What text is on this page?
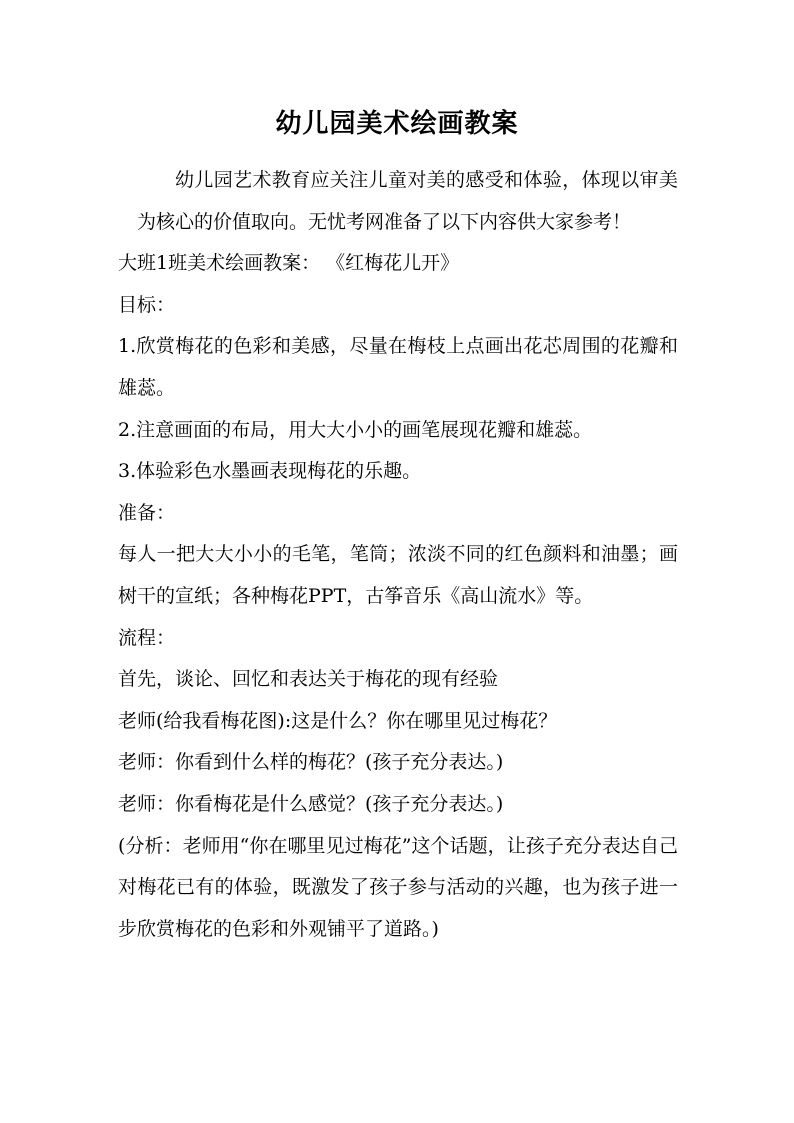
幼儿园美术绘画教案

幼儿园艺术教育应关注儿童对美的感受和体验，体现以审美为核心的价值取向。无忧考网准备了以下内容供大家参考！

大班1班美术绘画教案： 《红梅花儿开》

目标：

1.欣赏梅花的色彩和美感，尽量在梅枝上点画出花芯周围的花瓣和雄蕊。

2.注意画面的布局，用大大小小的画笔展现花瓣和雄蕊。

3.体验彩色水墨画表现梅花的乐趣。

准备：

每人一把大大小小的毛笔，笔筒；浓淡不同的红色颜料和油墨；画树干的宣纸；各种梅花PPT，古筝音乐《高山流水》等。

流程：

首先，谈论、回忆和表达关于梅花的现有经验

老师(给我看梅花图):这是什么？你在哪里见过梅花？

老师：你看到什么样的梅花？(孩子充分表达。)

老师：你看梅花是什么感觉？(孩子充分表达。)

(分析：老师用“你在哪里见过梅花”这个话题，让孩子充分表达自己对梅花已有的体验，既激发了孩子参与活动的兴趣，也为孩子进一步欣赏梅花的色彩和外观铺平了道路。)
